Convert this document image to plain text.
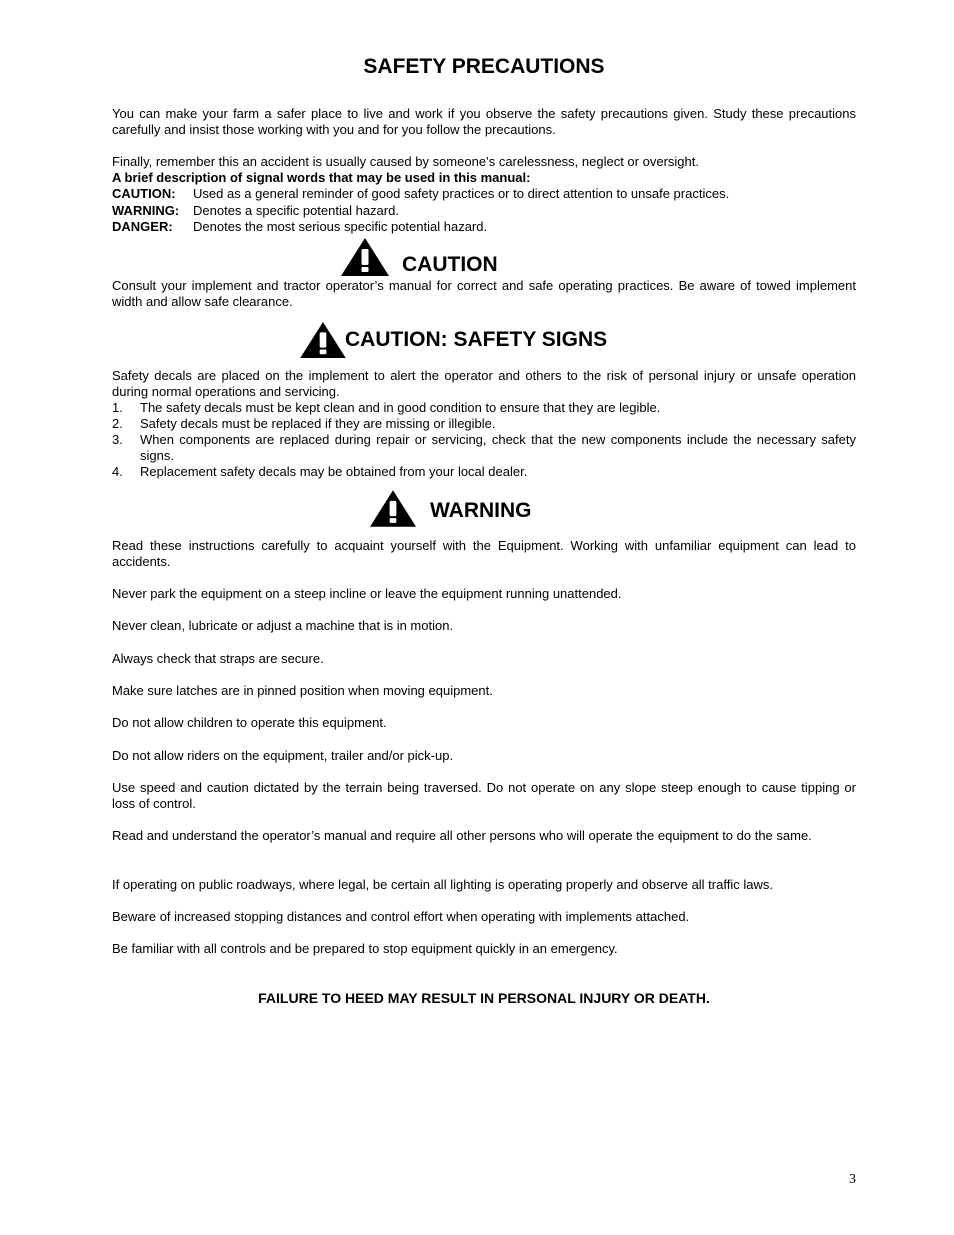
SAFETY PRECAUTIONS

You can make your farm a safer place to live and work if you observe the safety precautions given. Study these precautions carefully and insist those working with you and for you follow the precautions.

Finally, remember this an accident is usually caused by someone’s carelessness, neglect or oversight.

A brief description of signal words that may be used in this manual:

CAUTION: Used as a general reminder of good safety practices or to direct attention to unsafe practices.
WARNING: Denotes a specific potential hazard.
DANGER: Denotes the most serious specific potential hazard.
CAUTION

Consult your implement and tractor operator’s manual for correct and safe operating practices. Be aware of towed implement width and allow safe clearance.

CAUTION: SAFETY SIGNS

Safety decals are placed on the implement to alert the operator and others to the risk of personal injury or unsafe operation during normal operations and servicing.

1. The safety decals must be kept clean and in good condition to ensure that they are legible.
2. Safety decals must be replaced if they are missing or illegible.
3. When components are replaced during repair or servicing, check that the new components include the necessary safety signs.
4. Replacement safety decals may be obtained from your local dealer.
WARNING

Read these instructions carefully to acquaint yourself with the Equipment. Working with unfamiliar equipment can lead to accidents.

Never park the equipment on a steep incline or leave the equipment running unattended.

Never clean, lubricate or adjust a machine that is in motion.

Always check that straps are secure.

Make sure latches are in pinned position when moving equipment.

Do not allow children to operate this equipment.

Do not allow riders on the equipment, trailer and/or pick-up.

Use speed and caution dictated by the terrain being traversed. Do not operate on any slope steep enough to cause tipping or loss of control.

Read and understand the operator’s manual and require all other persons who will operate the equipment to do the same.

If operating on public roadways, where legal, be certain all lighting is operating properly and observe all traffic laws.

Beware of increased stopping distances and control effort when operating with implements attached.

Be familiar with all controls and be prepared to stop equipment quickly in an emergency.

FAILURE TO HEED MAY RESULT IN PERSONAL INJURY OR DEATH.
3
